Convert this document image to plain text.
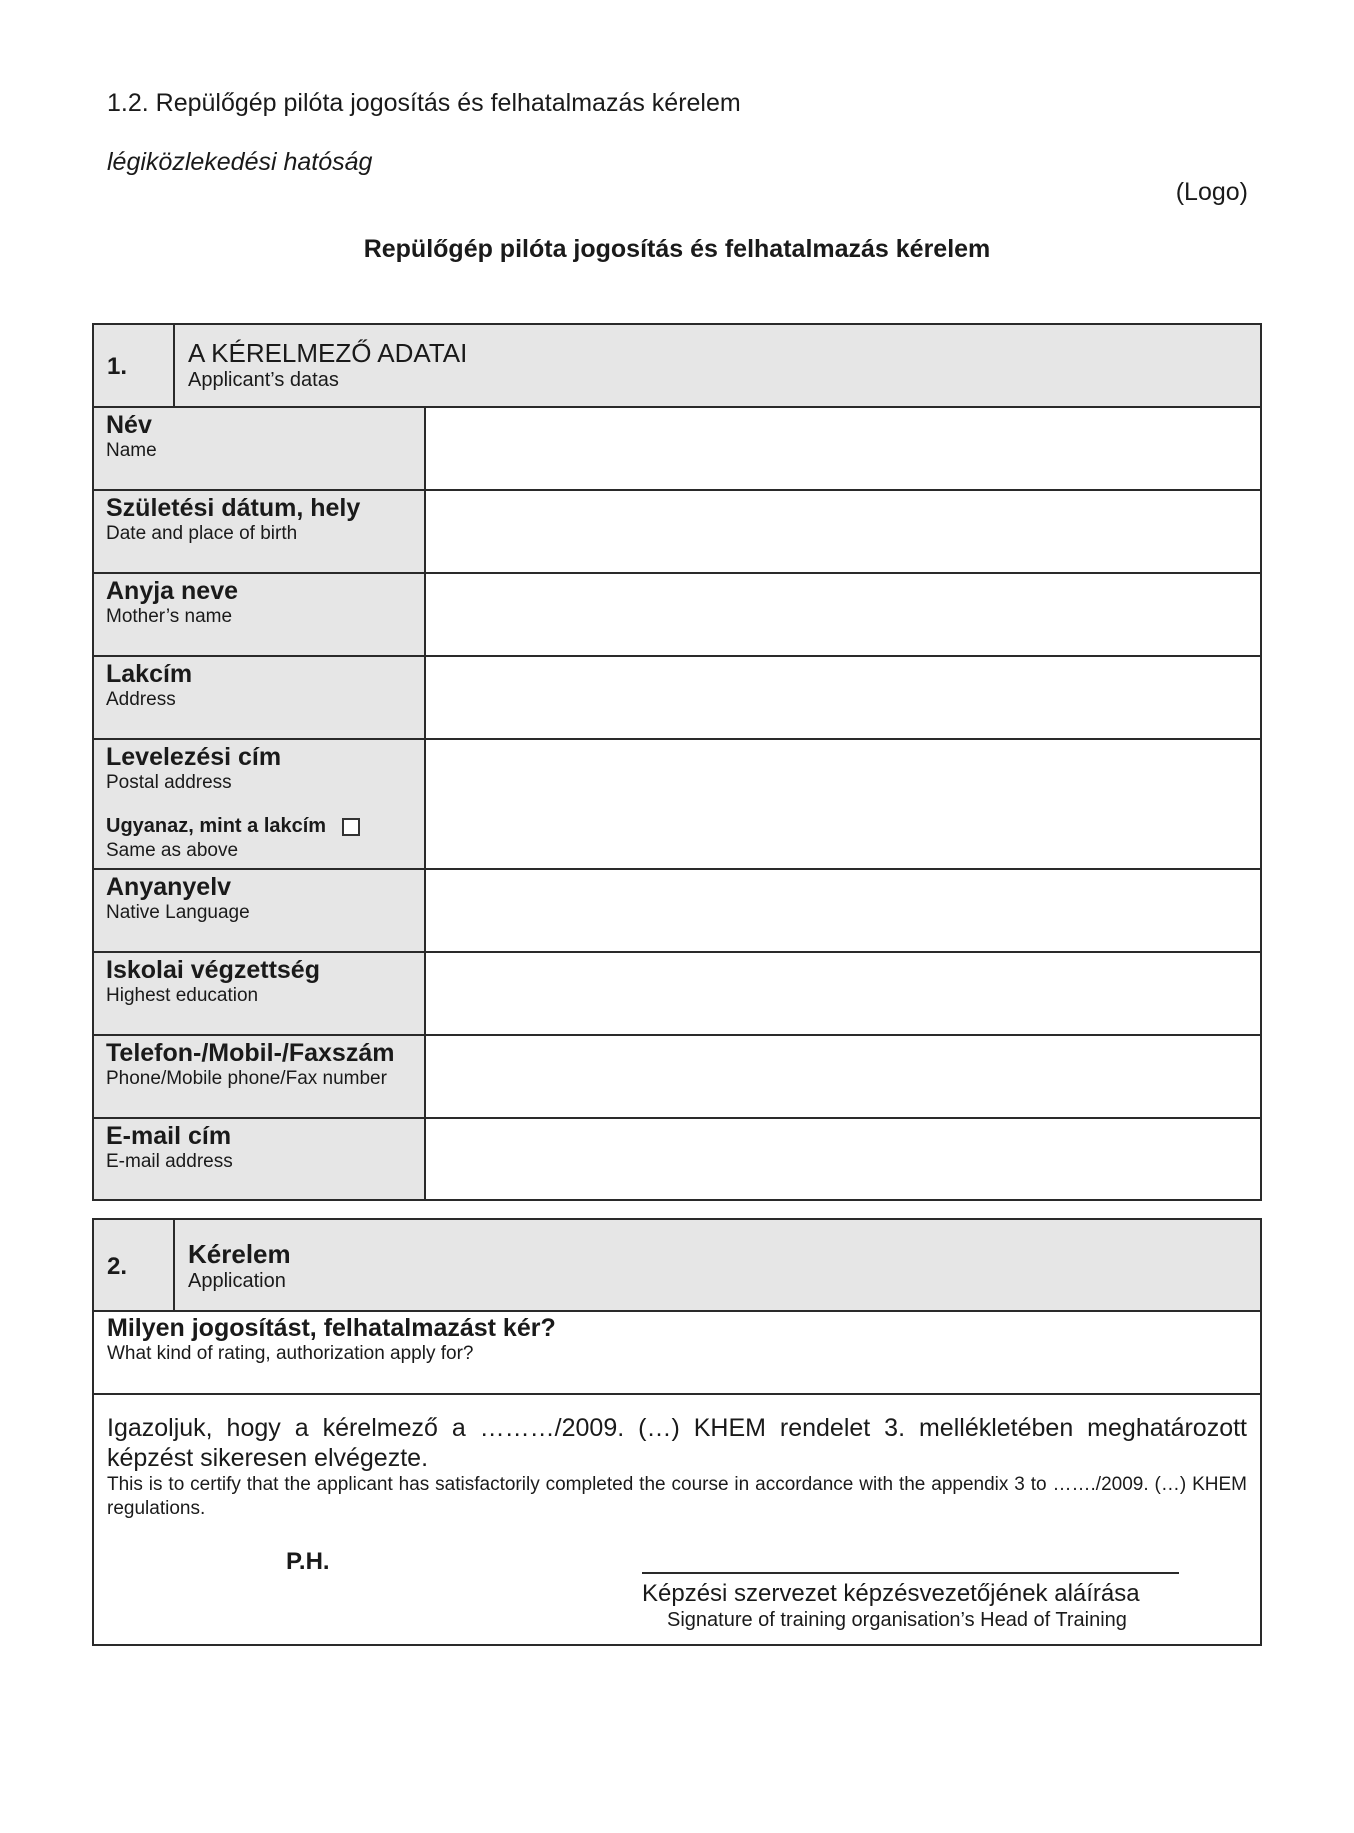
1.2. Repülőgép pilóta jogosítás és felhatalmazás kérelem
légiközlekedési hatóság
(Logo)
Repülőgép pilóta jogosítás és felhatalmazás kérelem
1. A KÉRELMEZŐ ADATAI
Applicant’s datas
Név
Name
Születési dátum, hely
Date and place of birth
Anyja neve
Mother’s name
Lakcím
Address
Levelezési cím
Postal address
Ugyanaz, mint a lakcím
Same as above
Anyanyelv
Native Language
Iskolai végzettség
Highest education
Telefon-/Mobil-/Faxszám
Phone/Mobile phone/Fax number
E-mail cím
E-mail address
2. Kérelem
Application
Milyen jogosítást, felhatalmazást kér?
What kind of rating, authorization apply for?
Igazoljuk, hogy a kérelmező a ………/2009. (…) KHEM rendelet 3. mellékletében meghatározott képzést sikeresen elvégezte.
This is to certify that the applicant has satisfactorily completed the course in accordance with the appendix 3 to ……./2009. (…) KHEM regulations.
P.H.
Képzési szervezet képzésvezetőjének aláírása
Signature of training organisation’s Head of Training
